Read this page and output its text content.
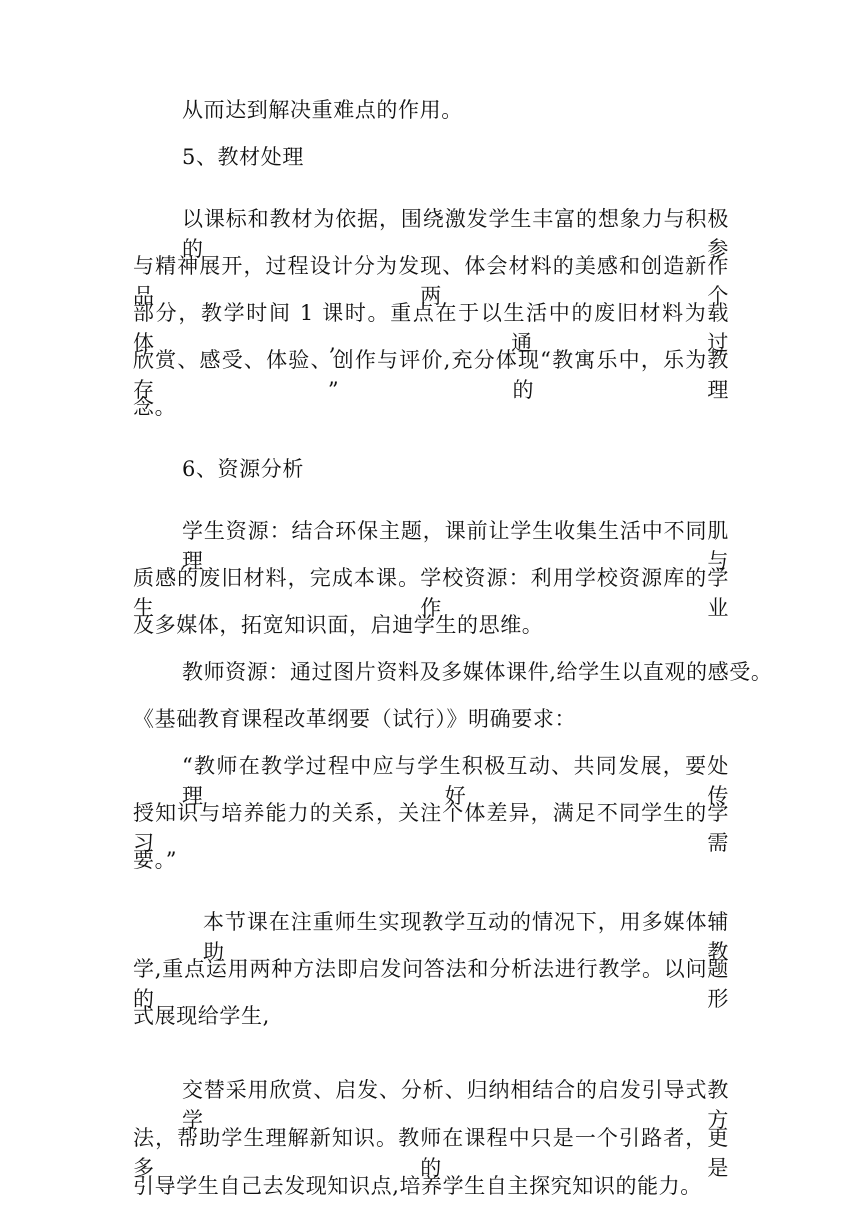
从而达到解决重难点的作用。
5、教材处理
以课标和教材为依据，围绕激发学生丰富的想象力与积极的参
与精神展开，过程设计分为发现、体会材料的美感和创造新作品两个
部分，教学时间 1 课时。重点在于以生活中的废旧材料为载体,通过
欣赏、感受、体验、创作与评价,充分体现“教寓乐中，乐为教存”的理
念。
6、资源分析
学生资源：结合环保主题，课前让学生收集生活中不同肌理与
质感的废旧材料，完成本课。学校资源：利用学校资源库的学生作业
及多媒体，拓宽知识面，启迪学生的思维。
教师资源：通过图片资料及多媒体课件,给学生以直观的感受。
《基础教育课程改革纲要（试行）》明确要求：
“教师在教学过程中应与学生积极互动、共同发展，要处理好传
授知识与培养能力的关系，关注个体差异，满足不同学生的学习需
要。”
本节课在注重师生实现教学互动的情况下，用多媒体辅助教
学,重点运用两种方法即启发问答法和分析法进行教学。以问题的形
式展现给学生,
交替采用欣赏、启发、分析、归纳相结合的启发引导式教学方
法，帮助学生理解新知识。教师在课程中只是一个引路者，更多的是
引导学生自己去发现知识点,培养学生自主探究知识的能力。
